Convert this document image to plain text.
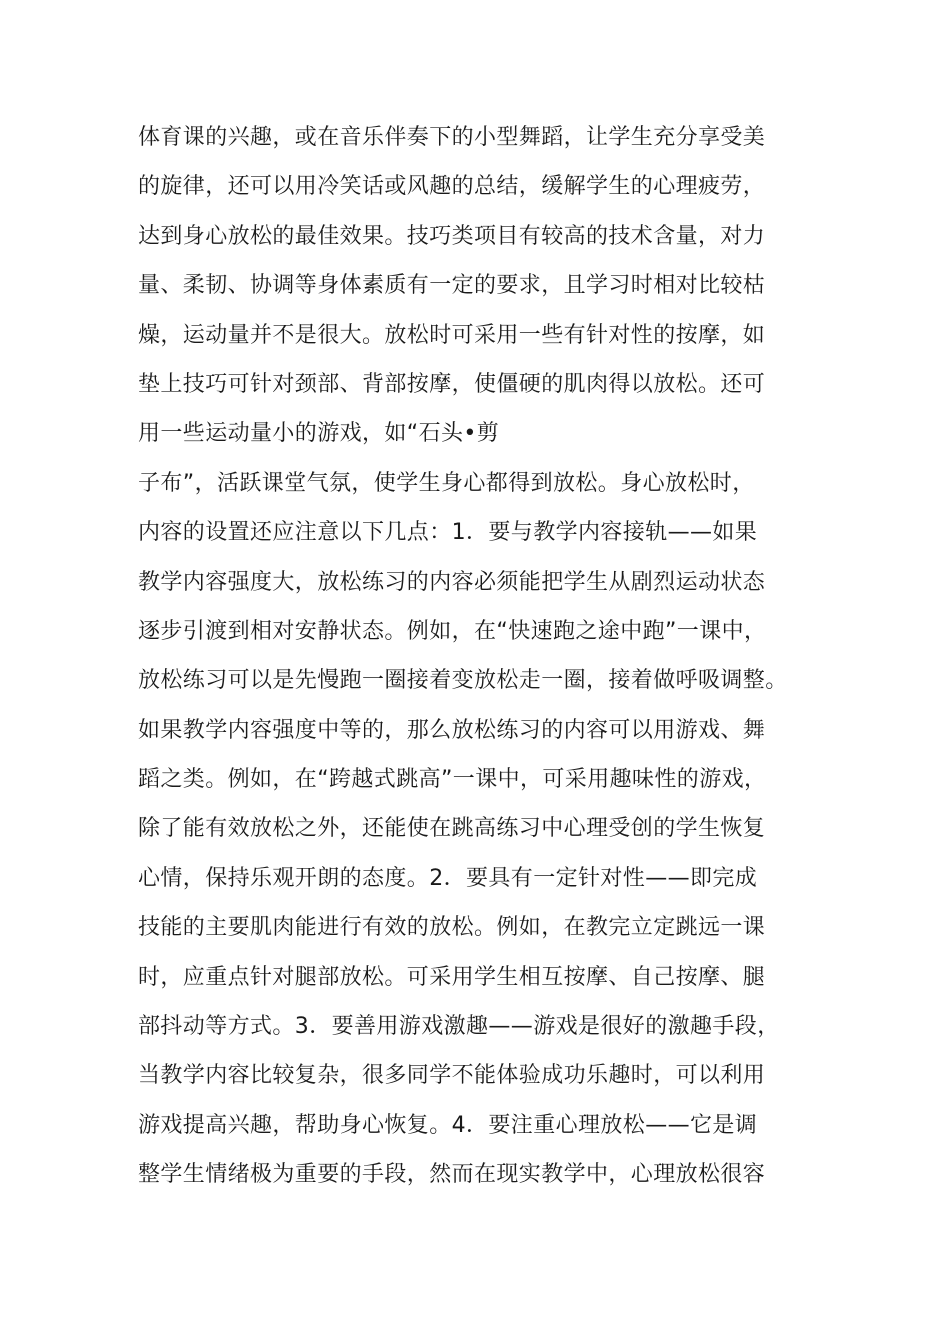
体育课的兴趣，或在音乐伴奏下的小型舞蹈，让学生充分享受美
的旋律，还可以用冷笑话或风趣的总结，缓解学生的心理疲劳，
达到身心放松的最佳效果。技巧类项目有较高的技术含量，对力
量、柔韧、协调等身体素质有一定的要求，且学习时相对比较枯
燥，运动量并不是很大。放松时可采用一些有针对性的按摩，如
垫上技巧可针对颈部、背部按摩，使僵硬的肌肉得以放松。还可
用一些运动量小的游戏，如“石头•剪
子布”，活跃课堂气氛，使学生身心都得到放松。身心放松时，
内容的设置还应注意以下几点：1．要与教学内容接轨——如果
教学内容强度大，放松练习的内容必须能把学生从剧烈运动状态
逐步引渡到相对安静状态。例如，在“快速跑之途中跑”一课中，
放松练习可以是先慢跑一圈接着变放松走一圈，接着做呼吸调整。
如果教学内容强度中等的，那么放松练习的内容可以用游戏、舞
蹈之类。例如，在“跨越式跳高”一课中，可采用趣味性的游戏，
除了能有效放松之外，还能使在跳高练习中心理受创的学生恢复
心情，保持乐观开朗的态度。2．要具有一定针对性——即完成
技能的主要肌肉能进行有效的放松。例如，在教完立定跳远一课
时，应重点针对腿部放松。可采用学生相互按摩、自己按摩、腿
部抖动等方式。3．要善用游戏激趣——游戏是很好的激趣手段，
当教学内容比较复杂，很多同学不能体验成功乐趣时，可以利用
游戏提高兴趣，帮助身心恢复。4．要注重心理放松——它是调
整学生情绪极为重要的手段，然而在现实教学中，心理放松很容
